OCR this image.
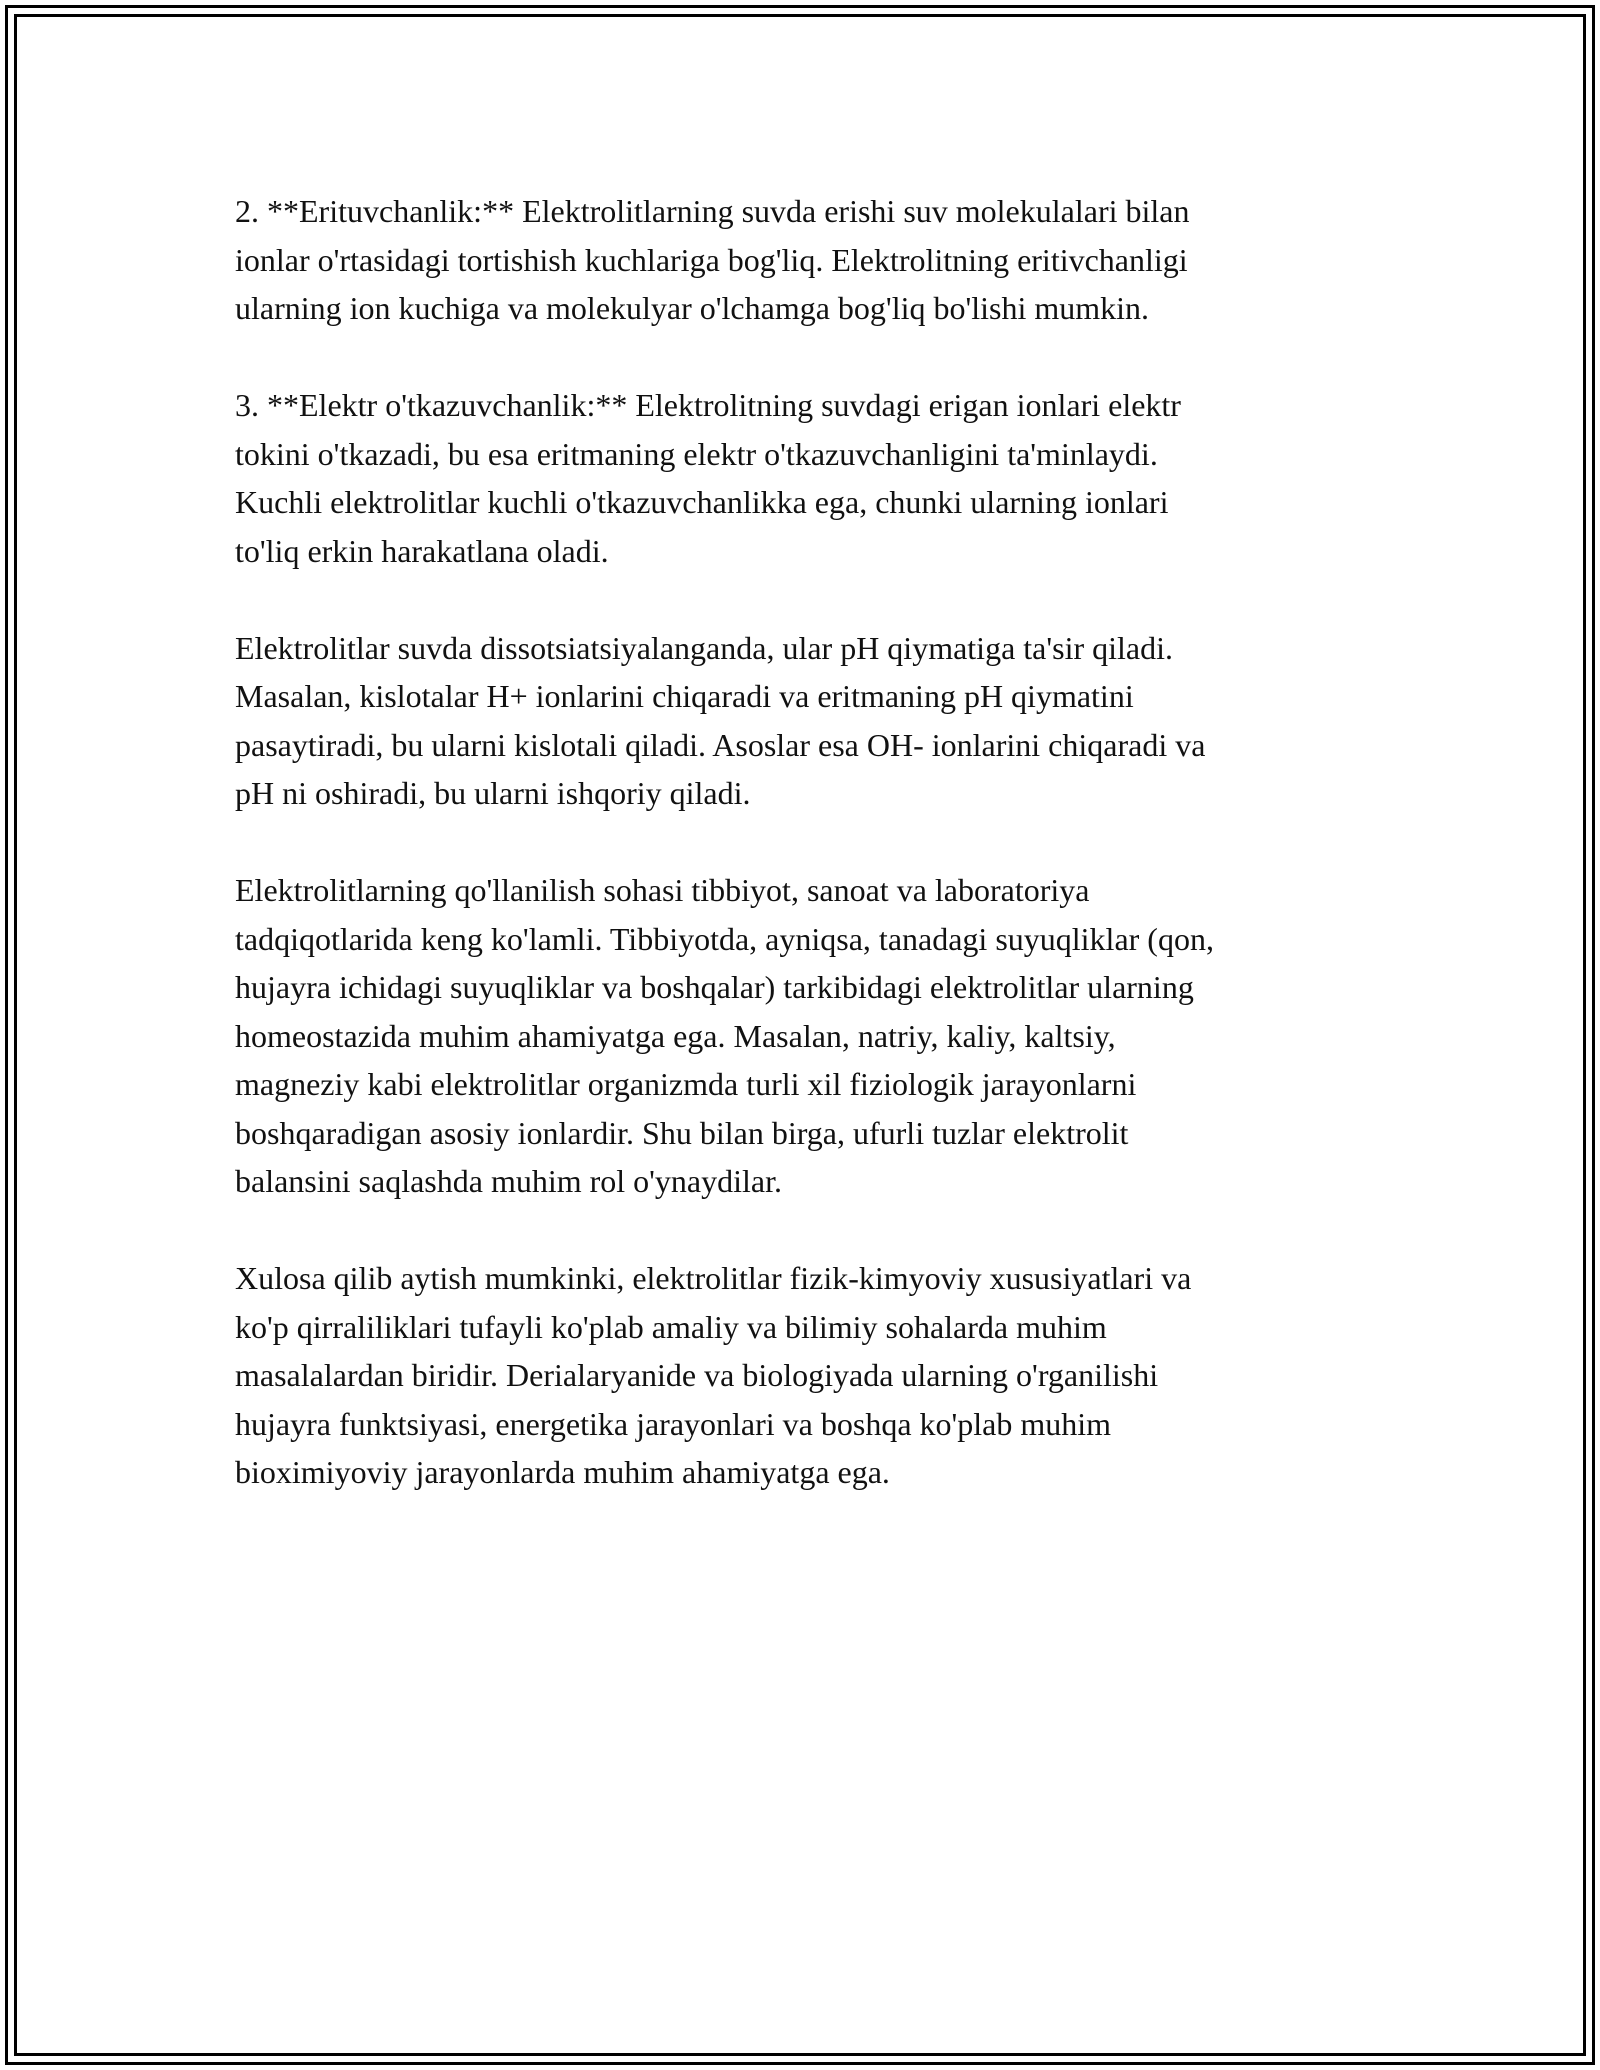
2. **Erituvchanlik:** Elektrolitlarning suvda erishi suv molekulalari bilan
ionlar o'rtasidagi tortishish kuchlariga bog'liq. Elektrolitning eritivchanligi
ularning ion kuchiga va molekulyar o'lchamga bog'liq bo'lishi mumkin.

3. **Elektr o'tkazuvchanlik:** Elektrolitning suvdagi erigan ionlari elektr
tokini o'tkazadi, bu esa eritmaning elektr o'tkazuvchanligini ta'minlaydi.
Kuchli elektrolitlar kuchli o'tkazuvchanlikka ega, chunki ularning ionlari
to'liq erkin harakatlana oladi.

Elektrolitlar suvda dissotsiatsiyalanganda, ular pH qiymatiga ta'sir qiladi.
Masalan, kislotalar H+ ionlarini chiqaradi va eritmaning pH qiymatini
pasaytiradi, bu ularni kislotali qiladi. Asoslar esa OH- ionlarini chiqaradi va
pH ni oshiradi, bu ularni ishqoriy qiladi.

Elektrolitlarning qo'llanilish sohasi tibbiyot, sanoat va laboratoriya
tadqiqotlarida keng ko'lamli. Tibbiyotda, ayniqsa, tanadagi suyuqliklar (qon,
hujayra ichidagi suyuqliklar va boshqalar) tarkibidagi elektrolitlar ularning
homeostazida muhim ahamiyatga ega. Masalan, natriy, kaliy, kaltsiy,
magneziy kabi elektrolitlar organizmda turli xil fiziologik jarayonlarni
boshqaradigan asosiy ionlardir. Shu bilan birga, ufurli tuzlar elektrolit
balansini saqlashda muhim rol o'ynaydilar.

Xulosa qilib aytish mumkinki, elektrolitlar fizik-kimyoviy xususiyatlari va
ko'p qirraliliklari tufayli ko'plab amaliy va bilimiy sohalarda muhim
masalalardan biridir. Derialaryanide va biologiyada ularning o'rganilishi
hujayra funktsiyasi, energetika jarayonlari va boshqa ko'plab muhim
bioximiyoviy jarayonlarda muhim ahamiyatga ega.
